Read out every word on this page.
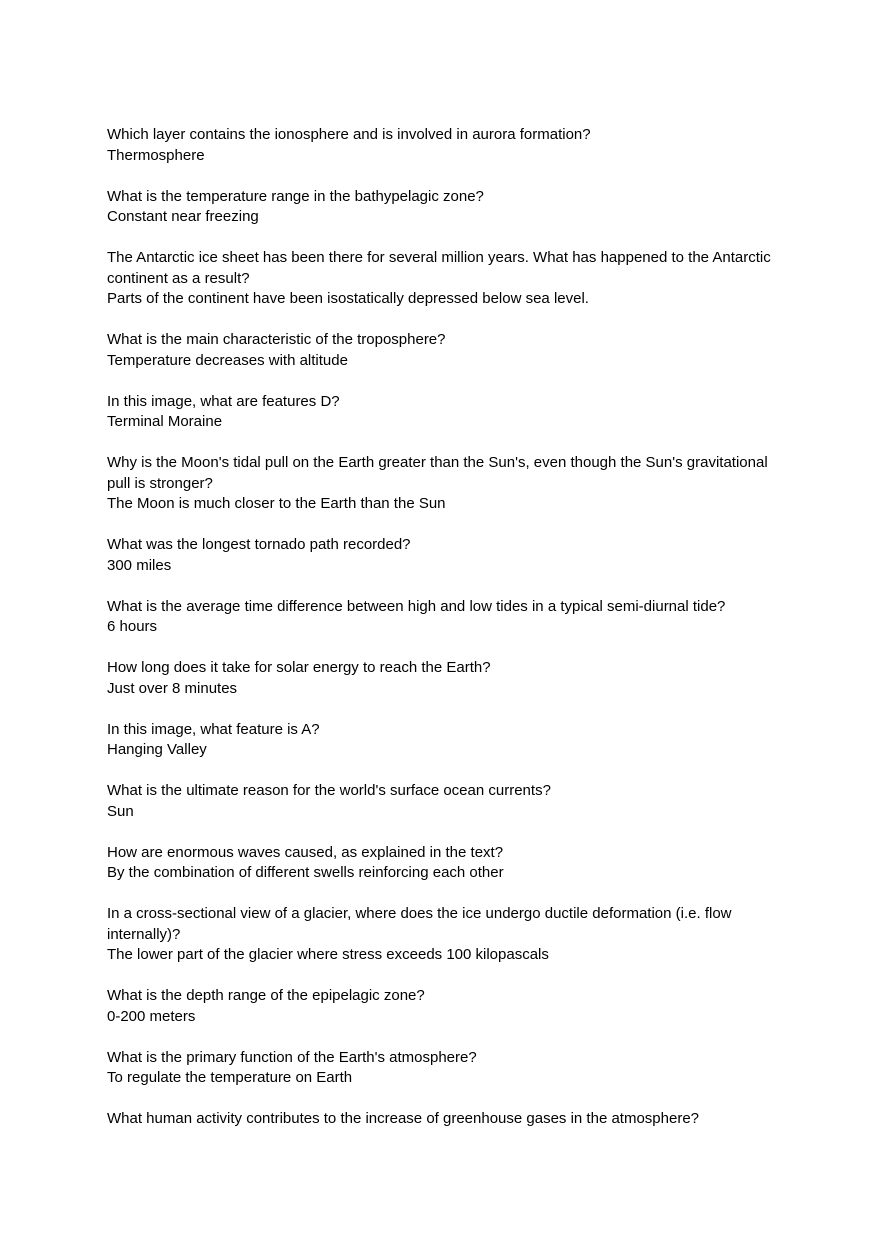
Which layer contains the ionosphere and is involved in aurora formation?

Thermosphere

What is the temperature range in the bathypelagic zone?

Constant near freezing

The Antarctic ice sheet has been there for several million years. What has happened to the Antarctic continent as a result?

Parts of the continent have been isostatically depressed below sea level.

What is the main characteristic of the troposphere?

Temperature decreases with altitude

In this image, what are features D?

Terminal Moraine

Why is the Moon's tidal pull on the Earth greater than the Sun's, even though the Sun's gravitational pull is stronger?

The Moon is much closer to the Earth than the Sun

What was the longest tornado path recorded?

300 miles

What is the average time difference between high and low tides in a typical semi-diurnal tide?

6 hours

How long does it take for solar energy to reach the Earth?

Just over 8 minutes

In this image, what feature is A?

Hanging Valley

What is the ultimate reason for the world's surface ocean currents?

Sun

How are enormous waves caused, as explained in the text?

By the combination of different swells reinforcing each other

In a cross-sectional view of a glacier, where does the ice undergo ductile deformation (i.e. flow internally)?

The lower part of the glacier where stress exceeds 100 kilopascals

What is the depth range of the epipelagic zone?

0-200 meters

What is the primary function of the Earth's atmosphere?

To regulate the temperature on Earth

What human activity contributes to the increase of greenhouse gases in the atmosphere?
